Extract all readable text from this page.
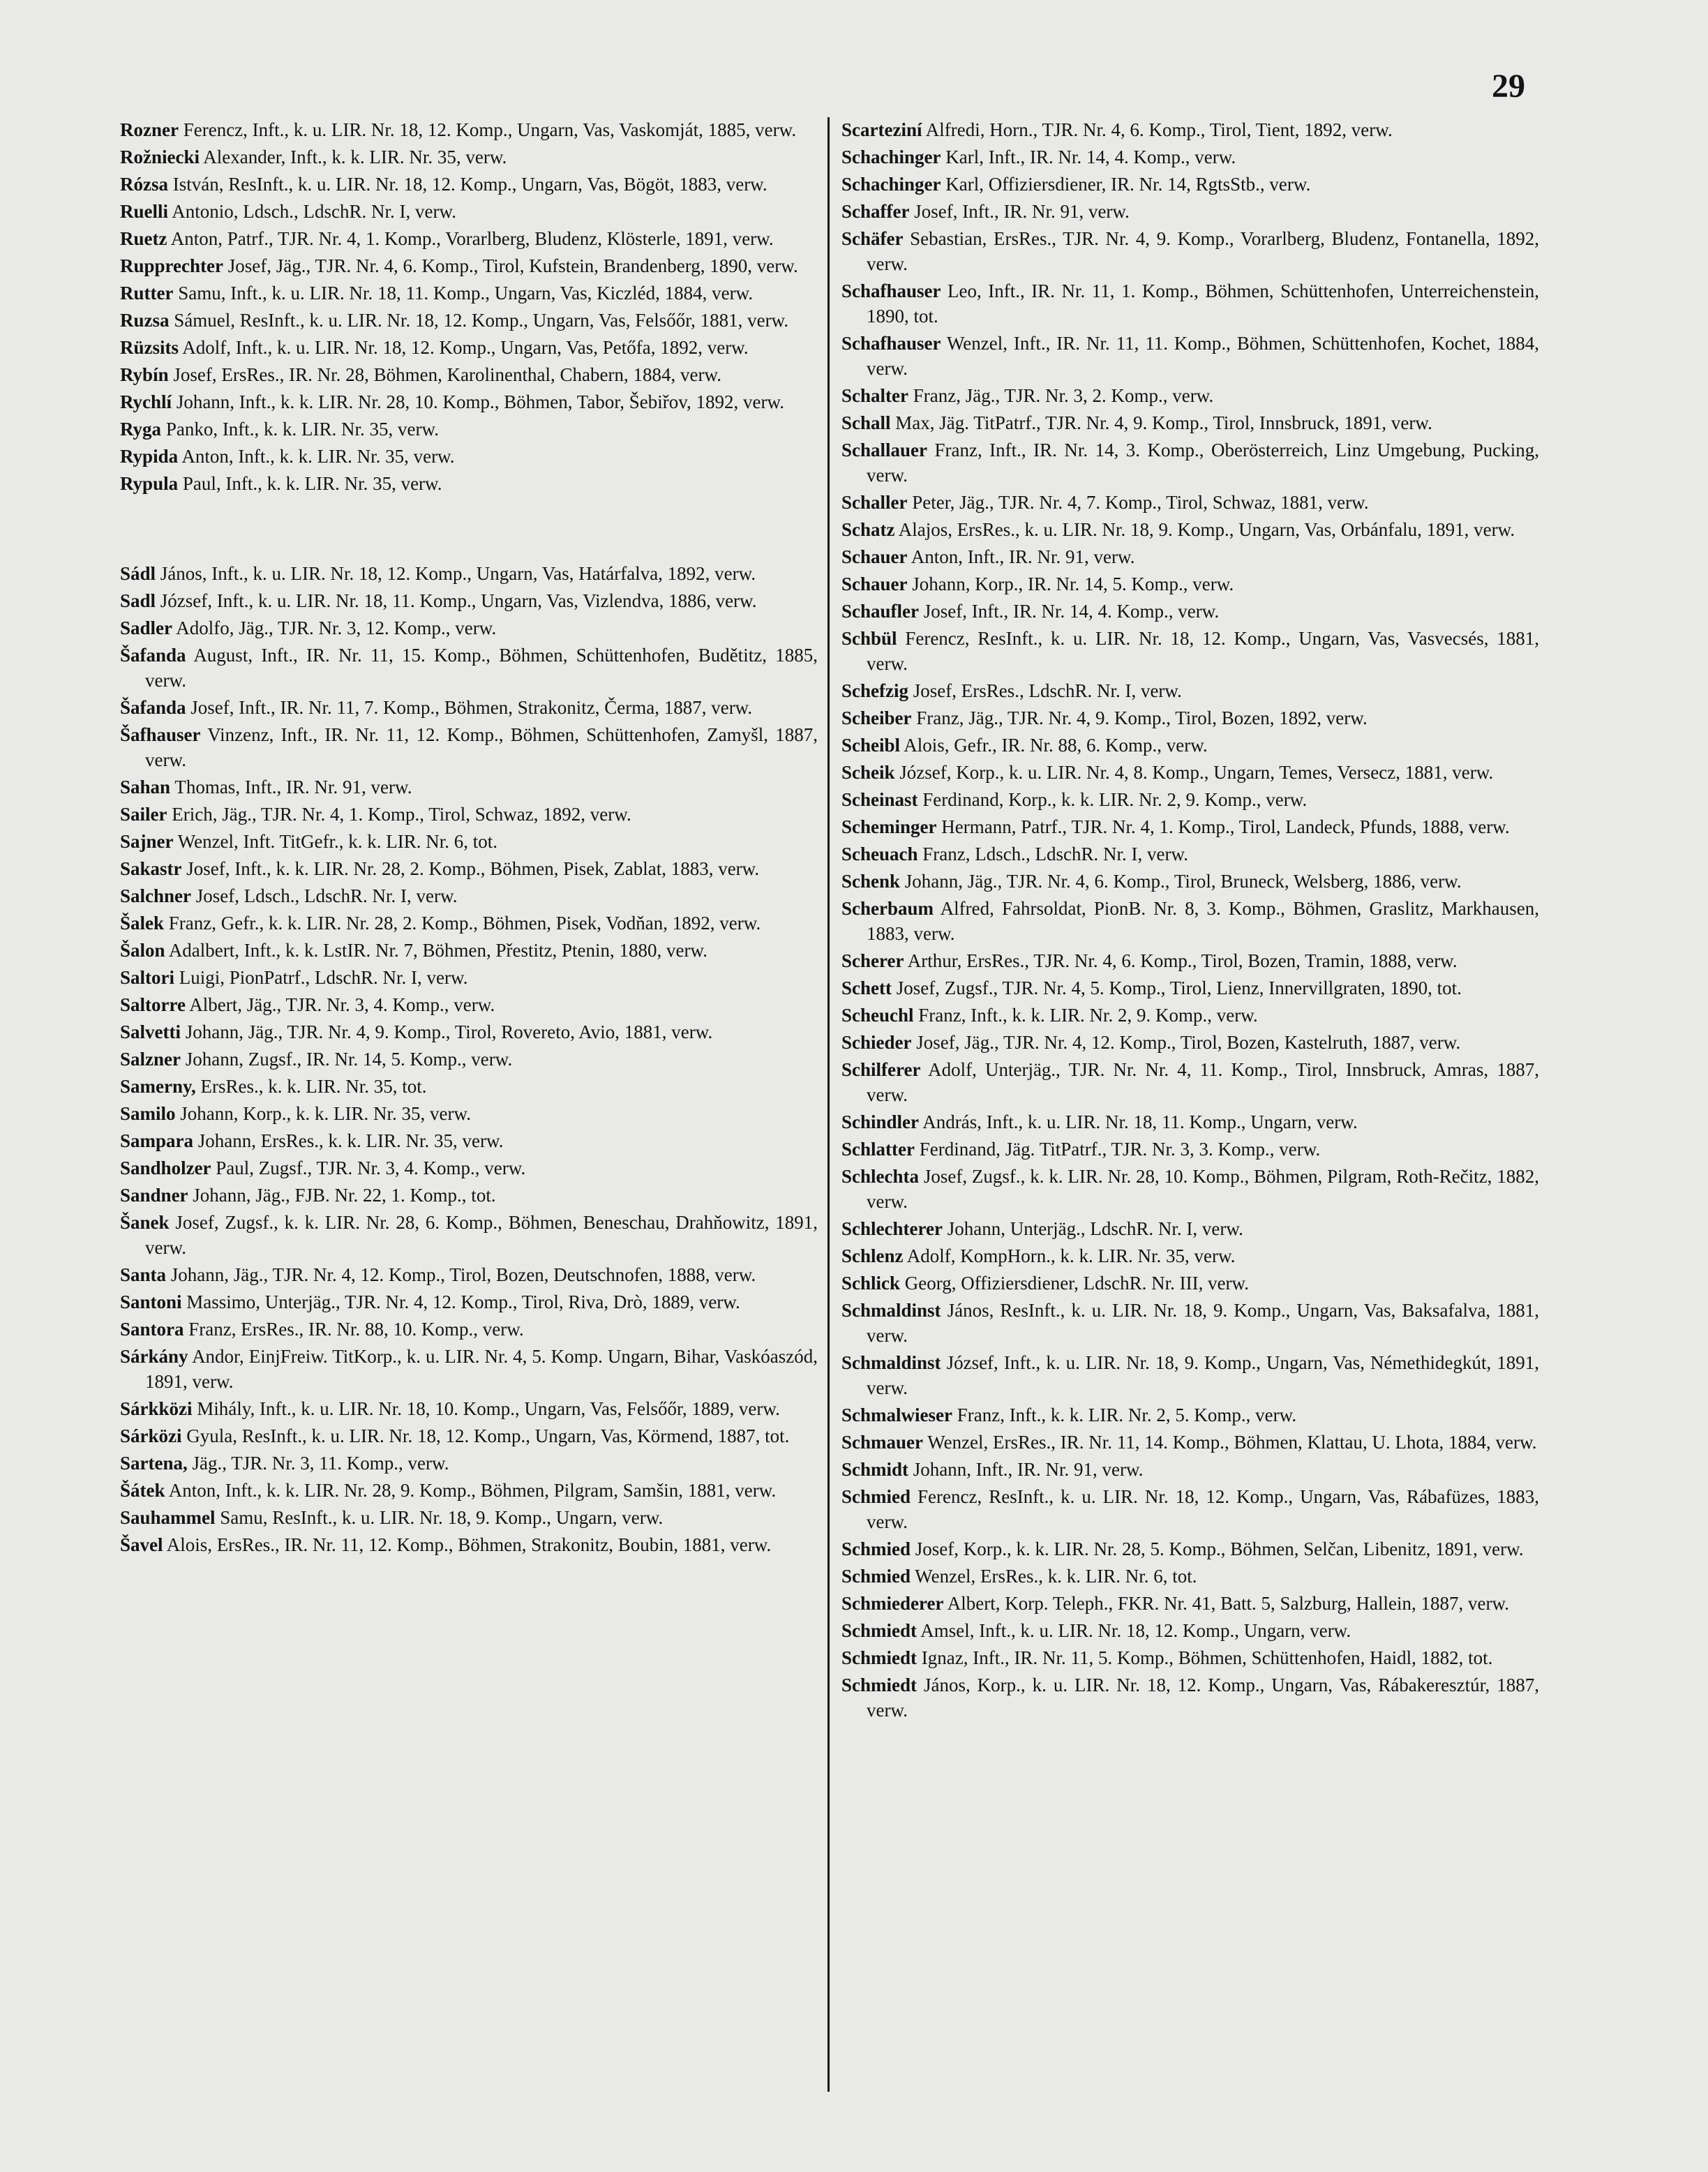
29
Rozner Ferencz, Inft., k. u. LIR. Nr. 18, 12. Komp., Ungarn, Vas, Vaskomját, 1885, verw.
Rožniecki Alexander, Inft., k. k. LIR. Nr. 35, verw.
Rózsa István, ResInft., k. u. LIR. Nr. 18, 12. Komp., Ungarn, Vas, Bögöt, 1883, verw.
Ruelli Antonio, Ldsch., LdschR. Nr. I, verw.
Ruetz Anton, Patrf., TJR. Nr. 4, 1. Komp., Vorarlberg, Bludenz, Klösterle, 1891, verw.
Rupprechter Josef, Jäg., TJR. Nr. 4, 6. Komp., Tirol, Kufstein, Brandenberg, 1890, verw.
Rutter Samu, Inft., k. u. LIR. Nr. 18, 11. Komp., Ungarn, Vas, Kiczléd, 1884, verw.
Ruzsa Sámuel, ResInft., k. u. LIR. Nr. 18, 12. Komp., Ungarn, Vas, Felsőőr, 1881, verw.
Rüzsits Adolf, Inft., k. u. LIR. Nr. 18, 12. Komp., Ungarn, Vas, Petőfa, 1892, verw.
Rybín Josef, ErsRes., IR. Nr. 28, Böhmen, Karolinenthal, Chabern, 1884, verw.
Rychlí Johann, Inft., k. k. LIR. Nr. 28, 10. Komp., Böhmen, Tabor, Šebiřov, 1892, verw.
Ryga Panko, Inft., k. k. LIR. Nr. 35, verw.
Rypida Anton, Inft., k. k. LIR. Nr. 35, verw.
Rypula Paul, Inft., k. k. LIR. Nr. 35, verw.
Sádl János, Inft., k. u. LIR. Nr. 18, 12. Komp., Ungarn, Vas, Határfalva, 1892, verw.
Sadl József, Inft., k. u. LIR. Nr. 18, 11. Komp., Ungarn, Vas, Vizlendva, 1886, verw.
Sadler Adolfo, Jäg., TJR. Nr. 3, 12. Komp., verw.
Šafanda August, Inft., IR. Nr. 11, 15. Komp., Böhmen, Schüttenhofen, Budětitz, 1885, verw.
Šafanda Josef, Inft., IR. Nr. 11, 7. Komp., Böhmen, Strakonitz, Čerma, 1887, verw.
Šafhauser Vinzenz, Inft., IR. Nr. 11, 12. Komp., Böhmen, Schüttenhofen, Zamyšl, 1887, verw.
Sahan Thomas, Inft., IR. Nr. 91, verw.
Sailer Erich, Jäg., TJR. Nr. 4, 1. Komp., Tirol, Schwaz, 1892, verw.
Sajner Wenzel, Inft. TitGefr., k. k. LIR. Nr. 6, tot.
Sakastr Josef, Inft., k. k. LIR. Nr. 28, 2. Komp., Böhmen, Pisek, Zablat, 1883, verw.
Salchner Josef, Ldsch., LdschR. Nr. I, verw.
Šalek Franz, Gefr., k. k. LIR. Nr. 28, 2. Komp., Böhmen, Pisek, Vodňan, 1892, verw.
Šalon Adalbert, Inft., k. k. LstIR. Nr. 7, Böhmen, Přestitz, Ptenin, 1880, verw.
Saltori Luigi, PionPatrf., LdschR. Nr. I, verw.
Saltorre Albert, Jäg., TJR. Nr. 3, 4. Komp., verw.
Salvetti Johann, Jäg., TJR. Nr. 4, 9. Komp., Tirol, Rovereto, Avio, 1881, verw.
Salzner Johann, Zugsf., IR. Nr. 14, 5. Komp., verw.
Samerny, ErsRes., k. k. LIR. Nr. 35, tot.
Samilo Johann, Korp., k. k. LIR. Nr. 35, verw.
Sampara Johann, ErsRes., k. k. LIR. Nr. 35, verw.
Sandholzer Paul, Zugsf., TJR. Nr. 3, 4. Komp., verw.
Sandner Johann, Jäg., FJB. Nr. 22, 1. Komp., tot.
Šanek Josef, Zugsf., k. k. LIR. Nr. 28, 6. Komp., Böhmen, Beneschau, Drahňowitz, 1891, verw.
Santa Johann, Jäg., TJR. Nr. 4, 12. Komp., Tirol, Bozen, Deutschnofen, 1888, verw.
Santoni Massimo, Unterjäg., TJR. Nr. 4, 12. Komp., Tirol, Riva, Drò, 1889, verw.
Santora Franz, ErsRes., IR. Nr. 88, 10. Komp., verw.
Sárkány Andor, EinjFreiw. TitKorp., k. u. LIR. Nr. 4, 5. Komp. Ungarn, Bihar, Vaskóaszód, 1891, verw.
Sárkközi Mihály, Inft., k. u. LIR. Nr. 18, 10. Komp., Ungarn, Vas, Felsőőr, 1889, verw.
Sárközi Gyula, ResInft., k. u. LIR. Nr. 18, 12. Komp., Ungarn, Vas, Körmend, 1887, tot.
Sartena, Jäg., TJR. Nr. 3, 11. Komp., verw.
Šátek Anton, Inft., k. k. LIR. Nr. 28, 9. Komp., Böhmen, Pilgram, Samšin, 1881, verw.
Sauhammel Samu, ResInft., k. u. LIR. Nr. 18, 9. Komp., Ungarn, verw.
Šavel Alois, ErsRes., IR. Nr. 11, 12. Komp., Böhmen, Strakonitz, Boubin, 1881, verw.
Scarteziní Alfredi, Horn., TJR. Nr. 4, 6. Komp., Tirol, Tient, 1892, verw.
Schachinger Karl, Inft., IR. Nr. 14, 4. Komp., verw.
Schachinger Karl, Offiziersdiener, IR. Nr. 14, RgtsStb., verw.
Schaffer Josef, Inft., IR. Nr. 91, verw.
Schäfer Sebastian, ErsRes., TJR. Nr. 4, 9. Komp., Vorarlberg, Bludenz, Fontanella, 1892, verw.
Schafhauser Leo, Inft., IR. Nr. 11, 1. Komp., Böhmen, Schüttenhofen, Unterreichenstein, 1890, tot.
Schafhauser Wenzel, Inft., IR. Nr. 11, 11. Komp., Böhmen, Schüttenhofen, Kochet, 1884, verw.
Schalter Franz, Jäg., TJR. Nr. 3, 2. Komp., verw.
Schall Max, Jäg. TitPatrf., TJR. Nr. 4, 9. Komp., Tirol, Innsbruck, 1891, verw.
Schallauer Franz, Inft., IR. Nr. 14, 3. Komp., Oberösterreich, Linz Umgebung, Pucking, verw.
Schaller Peter, Jäg., TJR. Nr. 4, 7. Komp., Tirol, Schwaz, 1881, verw.
Schatz Alajos, ErsRes., k. u. LIR. Nr. 18, 9. Komp., Ungarn, Vas, Orbánfalu, 1891, verw.
Schauer Anton, Inft., IR. Nr. 91, verw.
Schauer Johann, Korp., IR. Nr. 14, 5. Komp., verw.
Schaufler Josef, Inft., IR. Nr. 14, 4. Komp., verw.
Schbül Ferencz, ResInft., k. u. LIR. Nr. 18, 12. Komp., Ungarn, Vas, Vasvecsés, 1881, verw.
Schefzig Josef, ErsRes., LdschR. Nr. I, verw.
Scheiber Franz, Jäg., TJR. Nr. 4, 9. Komp., Tirol, Bozen, 1892, verw.
Scheibl Alois, Gefr., IR. Nr. 88, 6. Komp., verw.
Scheik József, Korp., k. u. LIR. Nr. 4, 8. Komp., Ungarn, Temes, Versecz, 1881, verw.
Scheinast Ferdinand, Korp., k. k. LIR. Nr. 2, 9. Komp., verw.
Scheminger Hermann, Patrf., TJR. Nr. 4, 1. Komp., Tirol, Landeck, Pfunds, 1888, verw.
Scheuach Franz, Ldsch., LdschR. Nr. I, verw.
Schenk Johann, Jäg., TJR. Nr. 4, 6. Komp., Tirol, Bruneck, Welsberg, 1886, verw.
Scherbaum Alfred, Fahrsoldat, PionB. Nr. 8, 3. Komp., Böhmen, Graslitz, Markhausen, 1883, verw.
Scherer Arthur, ErsRes., TJR. Nr. 4, 6. Komp., Tirol, Bozen, Tramin, 1888, verw.
Schett Josef, Zugsf., TJR. Nr. 4, 5. Komp., Tirol, Lienz, Innervillgraten, 1890, tot.
Scheuchl Franz, Inft., k. k. LIR. Nr. 2, 9. Komp., verw.
Schieder Josef, Jäg., TJR. Nr. 4, 12. Komp., Tirol, Bozen, Kastelruth, 1887, verw.
Schilferer Adolf, Unterjäg., TJR. Nr. Nr. 4, 11. Komp., Tirol, Innsbruck, Amras, 1887, verw.
Schindler András, Inft., k. u. LIR. Nr. 18, 11. Komp., Ungarn, verw.
Schlatter Ferdinand, Jäg. TitPatrf., TJR. Nr. 3, 3. Komp., verw.
Schlechta Josef, Zugsf., k. k. LIR. Nr. 28, 10. Komp., Böhmen, Pilgram, Roth-Rečitz, 1882, verw.
Schlechterer Johann, Unterjäg., LdschR. Nr. I, verw.
Schlenz Adolf, KompHorn., k. k. LIR. Nr. 35, verw.
Schlick Georg, Offiziersdiener, LdschR. Nr. III, verw.
Schmaldinst János, ResInft., k. u. LIR. Nr. 18, 9. Komp., Ungarn, Vas, Baksafalva, 1881, verw.
Schmaldinst József, Inft., k. u. LIR. Nr. 18, 9. Komp., Ungarn, Vas, Némethidegkút, 1891, verw.
Schmalwieser Franz, Inft., k. k. LIR. Nr. 2, 5. Komp., verw.
Schmauer Wenzel, ErsRes., IR. Nr. 11, 14. Komp., Böhmen, Klattau, U. Lhota, 1884, verw.
Schmidt Johann, Inft., IR. Nr. 91, verw.
Schmied Ferencz, ResInft., k. u. LIR. Nr. 18, 12. Komp., Ungarn, Vas, Rábafüzes, 1883, verw.
Schmied Josef, Korp., k. k. LIR. Nr. 28, 5. Komp., Böhmen, Selčan, Libenitz, 1891, verw.
Schmied Wenzel, ErsRes., k. k. LIR. Nr. 6, tot.
Schmiederer Albert, Korp. Teleph., FKR. Nr. 41, Batt. 5, Salzburg, Hallein, 1887, verw.
Schmiedt Amsel, Inft., k. u. LIR. Nr. 18, 12. Komp., Ungarn, verw.
Schmiedt Ignaz, Inft., IR. Nr. 11, 5. Komp., Böhmen, Schüttenhofen, Haidl, 1882, tot.
Schmiedt János, Korp., k. u. LIR. Nr. 18, 12. Komp., Ungarn, Vas, Rábakeresztúr, 1887, verw.
